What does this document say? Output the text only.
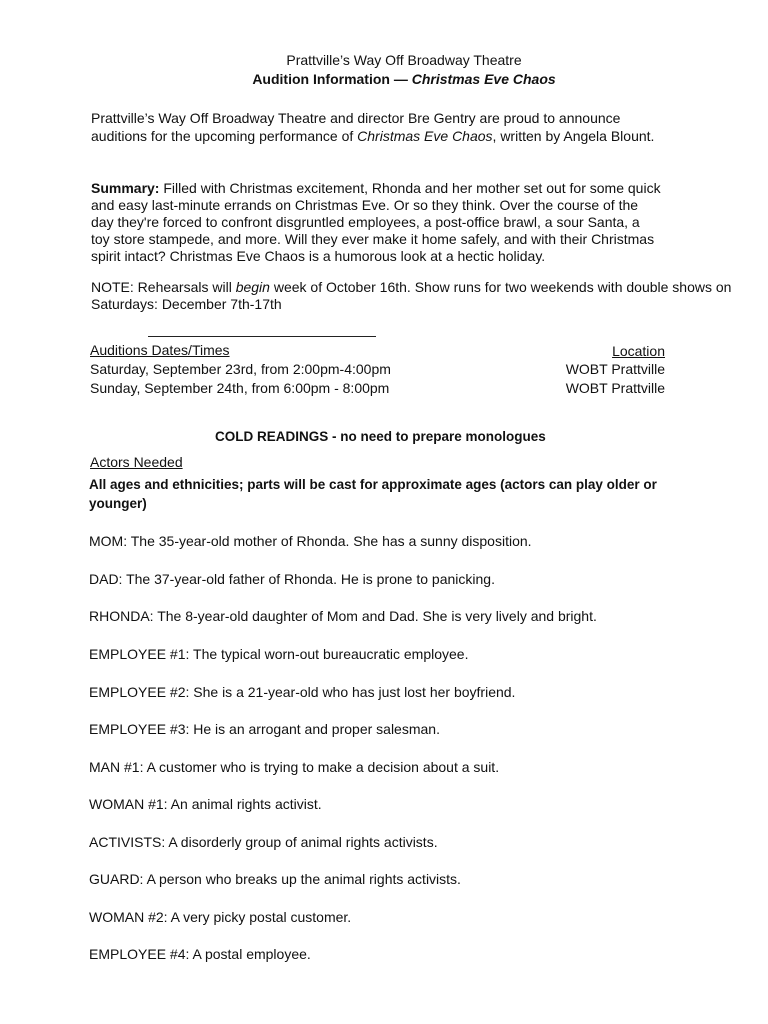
Prattville’s Way Off Broadway Theatre
Audition Information — Christmas Eve Chaos
Prattville’s Way Off Broadway Theatre and director Bre Gentry are proud to announce
auditions for the upcoming performance of Christmas Eve Chaos, written by Angela Blount.
Summary: Filled with Christmas excitement, Rhonda and her mother set out for some quick
and easy last-minute errands on Christmas Eve. Or so they think. Over the course of the
day they're forced to confront disgruntled employees, a post-office brawl, a sour Santa, a
toy store stampede, and more. Will they ever make it home safely, and with their Christmas
spirit intact? Christmas Eve Chaos is a humorous look at a hectic holiday.
NOTE: Rehearsals will begin week of October 16th. Show runs for two weekends with double shows on
Saturdays: December 7th-17th
Auditions Dates/Times	Location
Saturday, September 23rd, from 2:00pm-4:00pm	WOBT Prattville
Sunday, September 24th, from 6:00pm - 8:00pm	WOBT Prattville
COLD READINGS - no need to prepare monologues
Actors Needed
All ages and ethnicities; parts will be cast for approximate ages (actors can play older or
younger)
MOM: The 35-year-old mother of Rhonda. She has a sunny disposition.
DAD: The 37-year-old father of Rhonda. He is prone to panicking.
RHONDA: The 8-year-old daughter of Mom and Dad. She is very lively and bright.
EMPLOYEE #1: The typical worn-out bureaucratic employee.
EMPLOYEE #2: She is a 21-year-old who has just lost her boyfriend.
EMPLOYEE #3: He is an arrogant and proper salesman.
MAN #1: A customer who is trying to make a decision about a suit.
WOMAN #1: An animal rights activist.
ACTIVISTS: A disorderly group of animal rights activists.
GUARD: A person who breaks up the animal rights activists.
WOMAN #2: A very picky postal customer.
EMPLOYEE #4: A postal employee.
